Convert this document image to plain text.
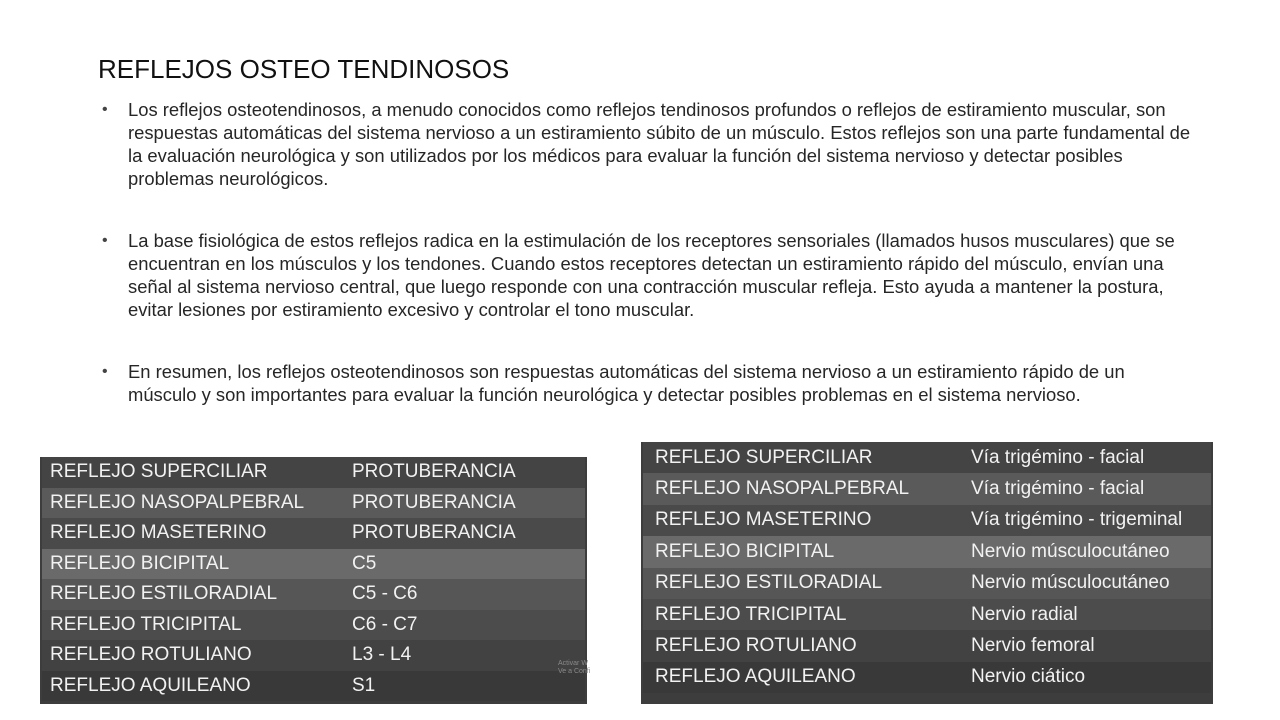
REFLEJOS OSTEO TENDINOSOS
• Los reflejos osteotendinosos, a menudo conocidos como reflejos tendinosos profundos o reflejos de estiramiento muscular, son respuestas automáticas del sistema nervioso a un estiramiento súbito de un músculo. Estos reflejos son una parte fundamental de la evaluación neurológica y son utilizados por los médicos para evaluar la función del sistema nervioso y detectar posibles problemas neurológicos.
• La base fisiológica de estos reflejos radica en la estimulación de los receptores sensoriales (llamados husos musculares) que se encuentran en los músculos y los tendones. Cuando estos receptores detectan un estiramiento rápido del músculo, envían una señal al sistema nervioso central, que luego responde con una contracción muscular refleja. Esto ayuda a mantener la postura, evitar lesiones por estiramiento excesivo y controlar el tono muscular.
• En resumen, los reflejos osteotendinosos son respuestas automáticas del sistema nervioso a un estiramiento rápido de un músculo y son importantes para evaluar la función neurológica y detectar posibles problemas en el sistema nervioso.
REFLEJO SUPERCILIAR	PROTUBERANCIA
REFLEJO NASOPALPEBRAL	PROTUBERANCIA
REFLEJO MASETERINO	PROTUBERANCIA
REFLEJO BICIPITAL	C5
REFLEJO ESTILORADIAL	C5 - C6
REFLEJO TRICIPITAL	C6 - C7
REFLEJO ROTULIANO	L3 - L4
REFLEJO AQUILEANO	S1
REFLEJO SUPERCILIAR	Vía trigémino - facial
REFLEJO NASOPALPEBRAL	Vía trigémino - facial
REFLEJO MASETERINO	Vía trigémino - trigeminal
REFLEJO BICIPITAL	Nervio músculocutáneo
REFLEJO ESTILORADIAL	Nervio músculocutáneo
REFLEJO TRICIPITAL	Nervio radial
REFLEJO ROTULIANO	Nervio femoral
REFLEJO AQUILEANO	Nervio ciático
Activar W
Ve a Confi
